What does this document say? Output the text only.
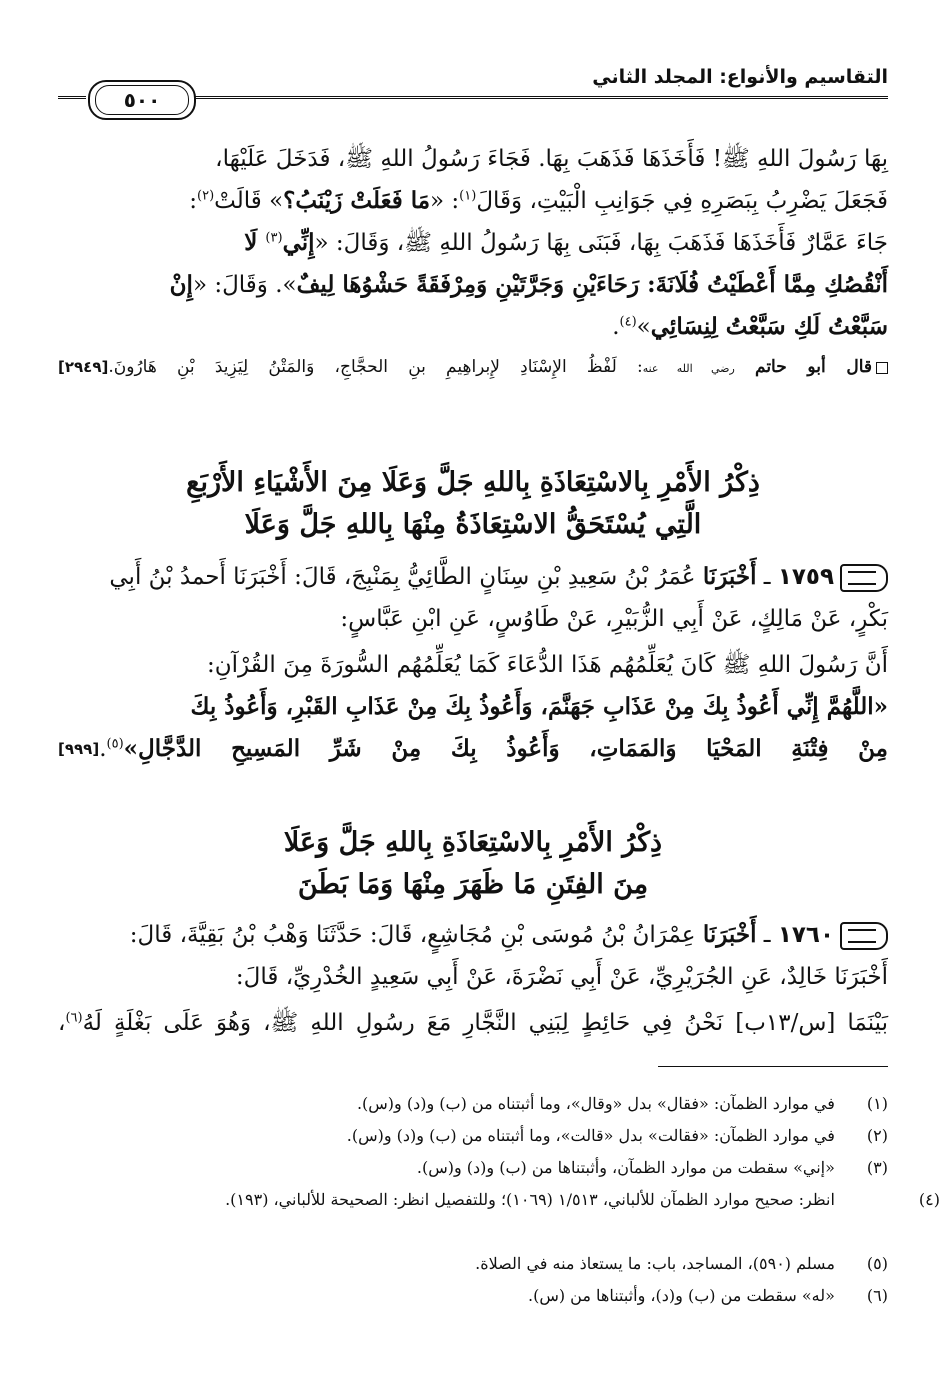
التقاسيم والأنواع: المجلد الثاني
٥٠٠
بِهَا رَسُولَ اللهِ ﷺ! فَأَخَذَهَا فَذَهَبَ بِهَا. فَجَاءَ رَسُولُ اللهِ ﷺ، فَدَخَلَ عَلَيْهَا،
فَجَعَلَ يَضْرِبُ بِبَصَرِهِ فِي جَوَانِبِ الْبَيْتِ، وَقَالَ$^{(١)}$: «مَا فَعَلَتْ زَيْنَبُ؟» قَالَتْ$^{(٢)}$:
جَاءَ عَمَّارٌ فَأَخَذَهَا فَذَهَبَ بِهَا، فَبَنَى بِهَا رَسُولُ اللهِ ﷺ، وَقَالَ: «إِنِّي$^{(٣)}$ لَا
أَنْقُصُكِ مِمَّا أَعْطَيْتُ فُلَانَةَ: رَحَاءَيْنِ وَجَرَّتَيْنِ وَمِرْفَقَةً حَشْوُهَا لِيفٌ». وَقَالَ: «إِنْ
سَبَّعْتُ لَكِ سَبَّعْتُ لِنِسَائِي»$^{(٤)}$.
قال أبو حاتم رضي الله عنه: لَفْظُ الإِسْنَادِ لإِبراهِيمِ بنِ الحجَّاجِ، وَالمَتْنُ لِيَزِيدَ بْنِ هَارُونَ.
[٢٩٤٩]
ذِكْرُ الأَمْرِ بِالاسْتِعَاذَةِ بِاللهِ جَلَّ وَعَلَا مِنَ الأَشْيَاءِ الأَرْبَعِ
الَّتِي يُسْتَحَقُّ الاسْتِعَاذَةُ مِنْهَا بِاللهِ جَلَّ وَعَلَا
١٧٥٩ ـ أَخْبَرَنَا عُمَرُ بْنُ سَعِيدِ بْنِ سِنَانٍ الطَّائِيُّ بِمَنْبِجَ، قَالَ: أَخْبَرَنَا أَحمدُ بْنُ أَبِي
بَكْرٍ، عَنْ مَالِكٍ، عَنْ أَبِي الزُّبَيْرِ، عَنْ طَاوُسٍ، عَنِ ابْنِ عَبَّاسٍ:
أَنَّ رَسُولَ اللهِ ﷺ كَانَ يُعَلِّمُهُم هَذَا الدُّعَاءَ كَمَا يُعَلِّمُهُم السُّورَةَ مِنَ القُرْآنِ:
«اللَّهُمَّ إِنِّي أَعُوذُ بِكَ مِنْ عَذَابِ جَهَنَّمَ، وَأَعُوذُ بِكَ مِنْ عَذَابِ القَبْرِ، وَأَعُوذُ بِكَ
مِنْ فِتْنَةِ المَحْيَا وَالمَمَاتِ، وَأَعُوذُ بِكَ مِنْ شَرِّ المَسِيحِ الدَّجَّالِ»$^{(٥)}$.
[٩٩٩]
ذِكْرُ الأَمْرِ بِالاسْتِعَاذَةِ بِاللهِ جَلَّ وَعَلَا
مِنَ الفِتَنِ مَا ظَهَرَ مِنْهَا وَمَا بَطَنَ
١٧٦٠ ـ أَخْبَرَنَا عِمْرَانُ بْنُ مُوسَى بْنِ مُجَاشِعٍ، قَالَ: حَدَّثَنَا وَهْبُ بْنُ بَقِيَّةَ، قَالَ:
أَخْبَرَنَا خَالِدٌ، عَنِ الجُرَيْرِيِّ، عَنْ أَبِي نَضْرَةَ، عَنْ أَبِي سَعِيدٍ الخُدْرِيِّ، قَالَ:
بَيْنَمَا [س/١٣ب] نَحْنُ فِي حَائِطٍ لِبَنِي النَّجَّارِ مَعَ رسُولِ اللهِ ﷺ، وَهُوَ عَلَى بَغْلَةٍ لَهُ$^{(٦)}$،
(١) في موارد الظمآن: «فقال» بدل «وقال»، وما أثبتناه من (ب) و(د) و(س).
(٢) في موارد الظمآن: «فقالت» بدل «قالت»، وما أثبتناه من (ب) و(د) و(س).
(٣) «إني» سقطت من موارد الظمآن، وأثبتناها من (ب) و(د) و(س).
(٤) انظر: صحيح موارد الظمآن للألباني، ١/٥١٣ (١٠٦٩)؛ وللتفصيل انظر: الصحيحة للألباني، (١٩٣).
(٥) مسلم (٥٩٠)، المساجد، باب: ما يستعاذ منه في الصلاة.
(٦) «له» سقطت من (ب) و(د)، وأثبتناها من (س).
